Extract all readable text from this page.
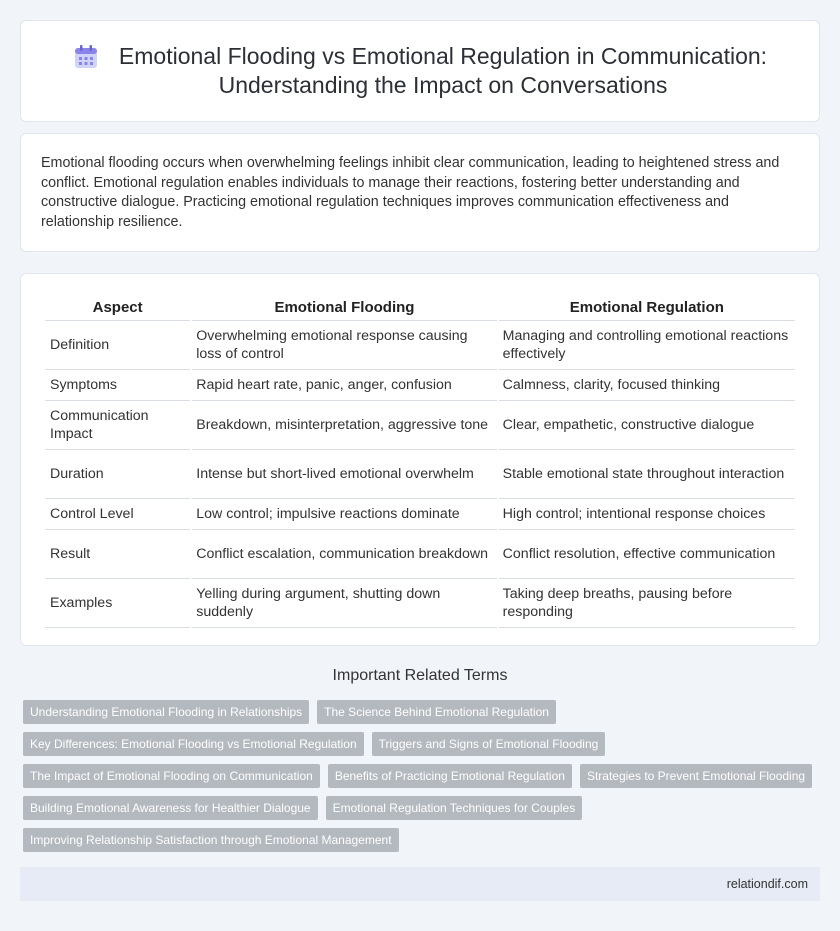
Emotional Flooding vs Emotional Regulation in Communication:
Understanding the Impact on Conversations

Emotional flooding occurs when overwhelming feelings inhibit clear communication, leading to heightened stress and conflict. Emotional regulation enables individuals to manage their reactions, fostering better understanding and constructive dialogue. Practicing emotional regulation techniques improves communication effectiveness and relationship resilience.

Aspect	Emotional Flooding	Emotional Regulation
Definition	Overwhelming emotional response causing loss of control	Managing and controlling emotional reactions effectively
Symptoms	Rapid heart rate, panic, anger, confusion	Calmness, clarity, focused thinking
Communication Impact	Breakdown, misinterpretation, aggressive tone	Clear, empathetic, constructive dialogue
Duration	Intense but short-lived emotional overwhelm	Stable emotional state throughout interaction
Control Level	Low control; impulsive reactions dominate	High control; intentional response choices
Result	Conflict escalation, communication breakdown	Conflict resolution, effective communication
Examples	Yelling during argument, shutting down suddenly	Taking deep breaths, pausing before responding
Important Related Terms
Understanding Emotional Flooding in Relationships	The Science Behind Emotional Regulation
Key Differences: Emotional Flooding vs Emotional Regulation	Triggers and Signs of Emotional Flooding
The Impact of Emotional Flooding on Communication	Benefits of Practicing Emotional Regulation	Strategies to Prevent Emotional Flooding
Building Emotional Awareness for Healthier Dialogue	Emotional Regulation Techniques for Couples
Improving Relationship Satisfaction through Emotional Management
relationdif.com
